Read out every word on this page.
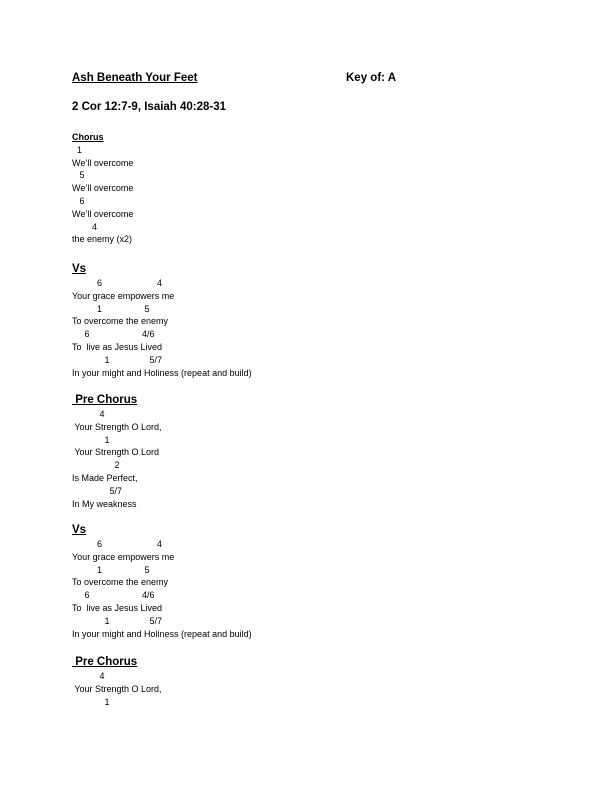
Ash Beneath Your Feet	Key of: A
2 Cor 12:7-9, Isaiah 40:28-31
Chorus
1
We’ll overcome
5
We’ll overcome
6
We’ll overcome
4
the enemy (x2)
Vs
6                      4
Your grace empowers me
1                 5
To overcome the enemy
6                     4/6
To  live as Jesus Lived
1                5/7
In your might and Holiness (repeat and build)
Pre Chorus
4
Your Strength O Lord,
1
Your Strength O Lord
2
Is Made Perfect,
5/7
In My weakness
Vs
6                      4
Your grace empowers me
1                 5
To overcome the enemy
6                     4/6
To  live as Jesus Lived
1                5/7
In your might and Holiness (repeat and build)
Pre Chorus
4
Your Strength O Lord,
1
